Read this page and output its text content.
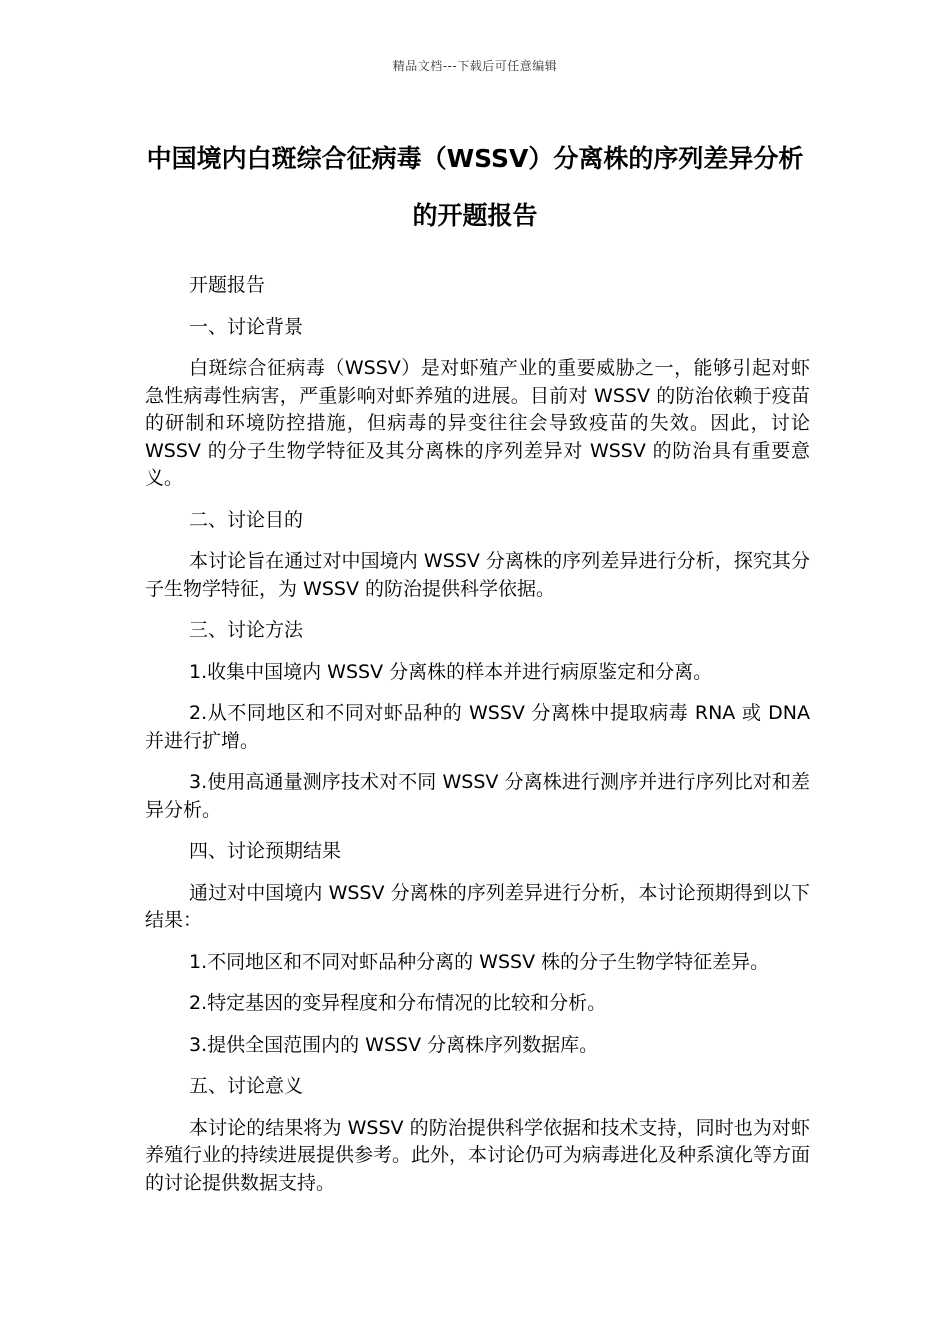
精品文档---下载后可任意编辑
中国境内白斑综合征病毒（WSSV）分离株的序列差异分析的开题报告

开题报告

一、讨论背景

白斑综合征病毒（WSSV）是对虾殖产业的重要威胁之一，能够引起对虾急性病毒性病害，严重影响对虾养殖的进展。目前对 WSSV 的防治依赖于疫苗的研制和环境防控措施，但病毒的异变往往会导致疫苗的失效。因此，讨论 WSSV 的分子生物学特征及其分离株的序列差异对 WSSV 的防治具有重要意义。

二、讨论目的

本讨论旨在通过对中国境内 WSSV 分离株的序列差异进行分析，探究其分子生物学特征，为 WSSV 的防治提供科学依据。

三、讨论方法

1.收集中国境内 WSSV 分离株的样本并进行病原鉴定和分离。

2.从不同地区和不同对虾品种的 WSSV 分离株中提取病毒 RNA 或 DNA 并进行扩增。

3.使用高通量测序技术对不同 WSSV 分离株进行测序并进行序列比对和差异分析。

四、讨论预期结果

通过对中国境内 WSSV 分离株的序列差异进行分析，本讨论预期得到以下结果：

1.不同地区和不同对虾品种分离的 WSSV 株的分子生物学特征差异。

2.特定基因的变异程度和分布情况的比较和分析。

3.提供全国范围内的 WSSV 分离株序列数据库。

五、讨论意义

本讨论的结果将为 WSSV 的防治提供科学依据和技术支持，同时也为对虾养殖行业的持续进展提供参考。此外，本讨论仍可为病毒进化及种系演化等方面的讨论提供数据支持。
